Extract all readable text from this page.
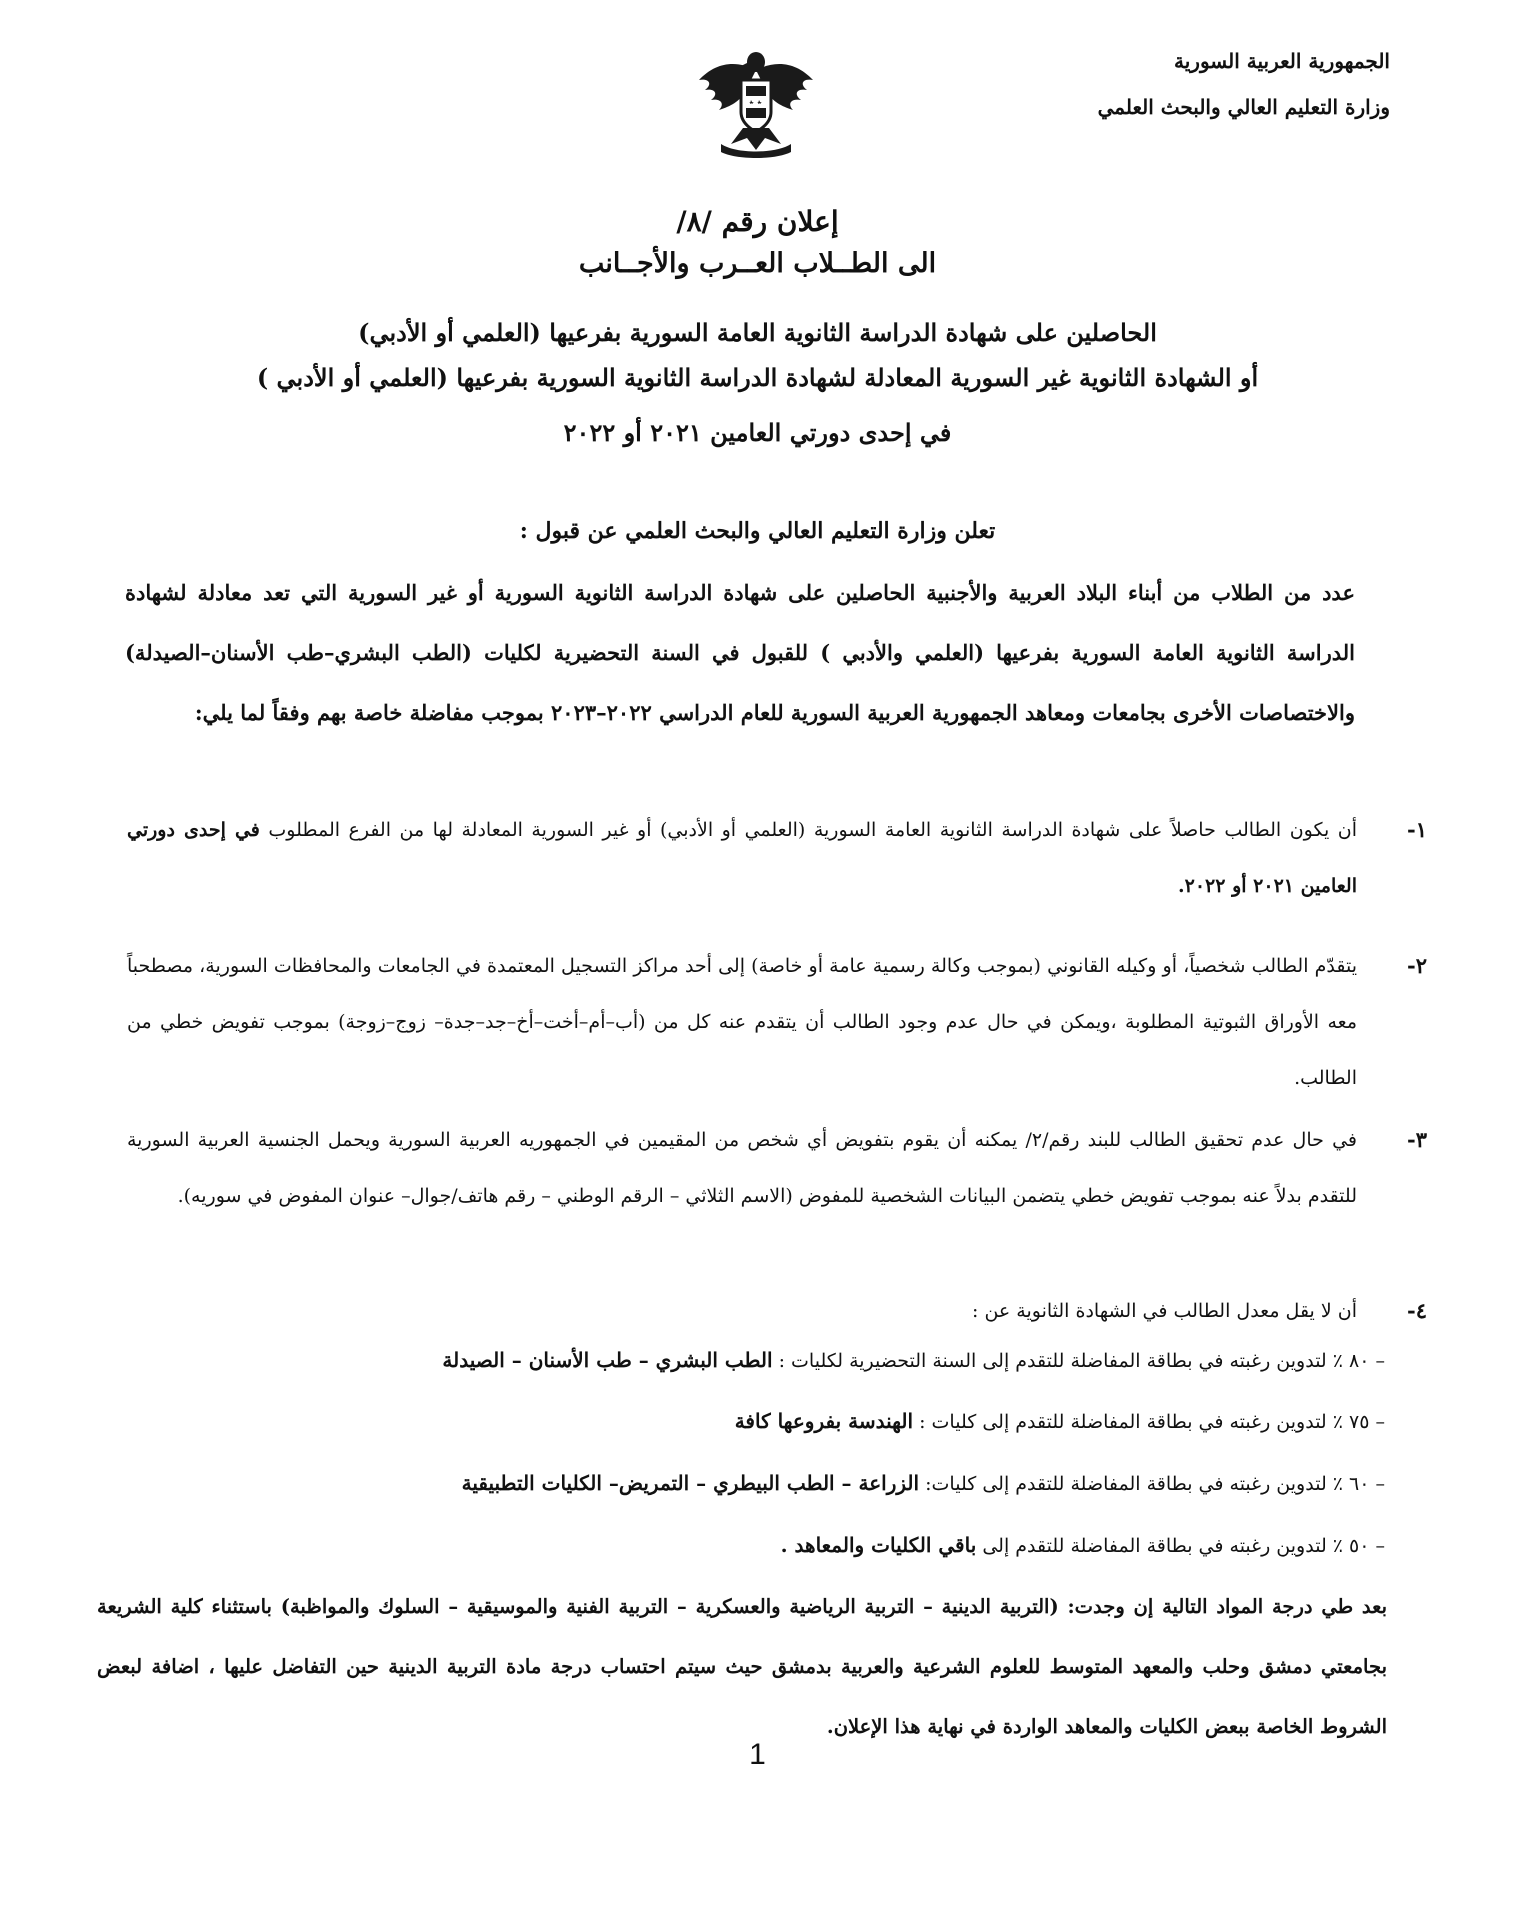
الجمهورية العربية السورية
وزارة التعليم العالي والبحث العلمي
إعلان رقم /٨/
الى الطــلاب العــرب والأجــانب
الحاصلين على شهادة الدراسة الثانوية العامة السورية بفرعيها (العلمي أو الأدبي)
أو الشهادة الثانوية غير السورية المعادلة لشهادة الدراسة الثانوية السورية بفرعيها (العلمي أو الأدبي )
في إحدى دورتي العامين ٢٠٢١ أو ٢٠٢٢
تعلن وزارة التعليم العالي والبحث العلمي عن قبول :
عدد من الطلاب من أبناء البلاد العربية والأجنبية الحاصلين على شهادة الدراسة الثانوية السورية أو غير السورية التي تعد معادلة لشهادة الدراسة الثانوية العامة السورية بفرعيها (العلمي والأدبي ) للقبول في السنة التحضيرية لكليات (الطب البشري–طب الأسنان–الصيدلة) والاختصاصات الأخرى بجامعات ومعاهد الجمهورية العربية السورية للعام الدراسي ٢٠٢٢–٢٠٢٣ بموجب مفاضلة خاصة بهم وفقاً لما يلي:
١-
أن يكون الطالب حاصلاً على شهادة الدراسة الثانوية العامة السورية (العلمي أو الأدبي) أو غير السورية المعادلة لها من الفرع المطلوب في إحدى دورتي العامين ٢٠٢١ أو ٢٠٢٢.
٢-
يتقدّم الطالب شخصياً، أو وكيله القانوني (بموجب وكالة رسمية عامة أو خاصة) إلى أحد مراكز التسجيل المعتمدة في الجامعات والمحافظات السورية، مصطحباً معه الأوراق الثبوتية المطلوبة ،ويمكن في حال عدم وجود الطالب أن يتقدم عنه كل من (أب–أم–أخت–أخ–جد–جدة– زوج–زوجة) بموجب تفويض خطي من الطالب.
٣-
في حال عدم تحقيق الطالب للبند رقم/٢/ يمكنه أن يقوم بتفويض أي شخص من المقيمين في الجمهوريه العربية السورية ويحمل الجنسية العربية السورية للتقدم بدلاً عنه بموجب تفويض خطي يتضمن البيانات الشخصية للمفوض (الاسم الثلاثي – الرقم الوطني – رقم هاتف/جوال– عنوان المفوض في سوريه).
٤-
أن لا يقل معدل الطالب في الشهادة الثانوية عن :
– ٨٠ ٪ لتدوين رغبته في بطاقة المفاضلة للتقدم إلى السنة التحضيرية لكليات : الطب البشري – طب الأسنان – الصيدلة
– ٧٥ ٪ لتدوين رغبته في بطاقة المفاضلة للتقدم إلى كليات : الهندسة بفروعها كافة
– ٦٠ ٪ لتدوين رغبته في بطاقة المفاضلة للتقدم إلى كليات: الزراعة – الطب البيطري – التمريض– الكليات التطبيقية
– ٥٠ ٪ لتدوين رغبته في بطاقة المفاضلة للتقدم إلى باقي الكليات والمعاهد .
بعد طي درجة المواد التالية إن وجدت: (التربية الدينية – التربية الرياضية والعسكرية – التربية الفنية والموسيقية – السلوك والمواظبة) باستثناء كلية الشريعة بجامعتي دمشق وحلب والمعهد المتوسط للعلوم الشرعية والعربية بدمشق حيث سيتم احتساب درجة مادة التربية الدينية حين التفاضل عليها ، اضافة لبعض الشروط الخاصة ببعض الكليات والمعاهد الواردة في نهاية هذا الإعلان.
1
